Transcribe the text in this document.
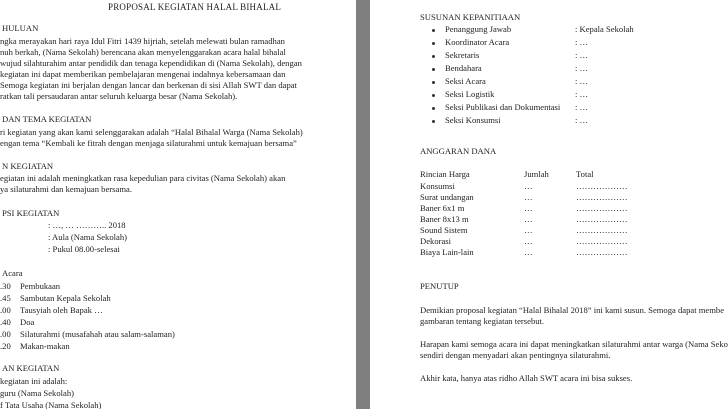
PROPOSAL KEGIATAN HALAL BIHALAL
HULUAN
ngka merayakan hari raya Idul Fitri 1439 hijriah, setelah melewati bulan ramadhan
nuh berkah, (Nama Sekolah) berencana akan menyelenggarakan acara halal bihalal
wujud silahturahim antar pendidik dan tenaga kependidikan di (Nama Sekolah), dengan
kegiatan ini dapat memberikan pembelajaran mengenai indahnya kebersamaan dan
Semoga kegiatan ini berjalan dengan lancar dan berkenan di sisi Allah SWT dan dapat
ratkan tali persaudaran antar seluruh keluarga besar (Nama Sekolah).
DAN TEMA KEGIATAN
ri kegiatan yang akan kami selenggarakan adalah “Halal Bihalal Warga (Nama Sekolah)
engan tema “Kembali ke fitrah dengan menjaga silaturahmi untuk kemajuan bersama”
N KEGIATAN
egiatan ini adalah meningkatkan rasa kepedulian para civitas (Nama Sekolah) akan
ya silaturahmi dan kemajuan bersama.
PSI KEGIATAN
: …, … ……….. 2018
: Aula (Nama Sekolah)
: Pukul 08.00-selesai
Acara
.30 Pembukaan
.45 Sambutan Kepala Sekolah
.00 Tausyiah oleh Bapak …
.40 Doa
.00 Silaturahmi (musafahah atau salam-salaman)
.20 Makan-makan
AN KEGIATAN
kegiatan ini adalah:
guru (Nama Sekolah)
f Tata Usaha (Nama Sekolah)
SUSUNAN KEPANITIAAN
Penanggung Jawab	: Kepala Sekolah
Koordinator Acara	: …
Sekretaris	: …
Bendahara	: …
Seksi Acara	: …
Seksi Logistik	: …
Seksi Publikasi dan Dokumentasi : …
Seksi Konsumsi	: …
ANGGARAN DANA
Rincian Harga	Jumlah	Total
Konsumsi	…	………………
Surat undangan	…	………………
Baner 6x1 m	…	………………
Baner 8x13 m	…	………………
Sound Sistem	…	………………
Dekorasi	…	………………
Biaya Lain-lain	…	………………
PENUTUP
Demikian proposal kegiatan “Halal Bihalal 2018” ini kami susun. Semoga dapat membe
gambaran tentang kegiatan tersebut.
Harapan kami semoga acara ini dapat meningkatkan silaturahmi antar warga (Nama Seko
sendiri dengan menyadari akan pentingnya silaturahmi.
Akhir kata, hanya atas ridho Allah SWT acara ini bisa sukses.
